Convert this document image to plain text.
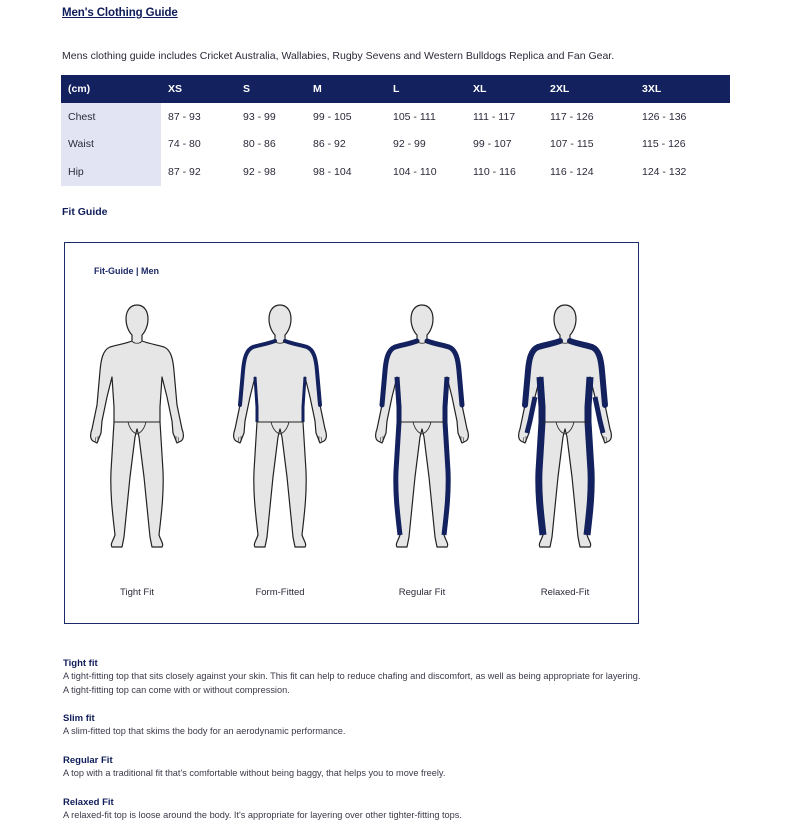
Men's Clothing Guide
Mens clothing guide includes Cricket Australia, Wallabies, Rugby Sevens and Western Bulldogs Replica and Fan Gear.
(cm)	XS	S	M	L	XL	2XL	3XL
Chest	87 - 93	93 - 99	99 - 105	105 - 111	111 - 117	117 - 126	126 - 136
Waist	74 - 80	80 - 86	86 - 92	92 - 99	99 - 107	107 - 115	115 - 126
Hip	87 - 92	92 - 98	98 - 104	104 - 110	110 - 116	116 - 124	124 - 132
Fit Guide
Fit-Guide | Men
Tight Fit	Form-Fitted	Regular Fit	Relaxed-Fit
Tight fit
A tight-fitting top that sits closely against your skin. This fit can help to reduce chafing and discomfort, as well as being appropriate for layering. A tight-fitting top can come with or without compression.
Slim fit
A slim-fitted top that skims the body for an aerodynamic performance.
Regular Fit
A top with a traditional fit that's comfortable without being baggy, that helps you to move freely.
Relaxed Fit
A relaxed-fit top is loose around the body. It's appropriate for layering over other tighter-fitting tops.
